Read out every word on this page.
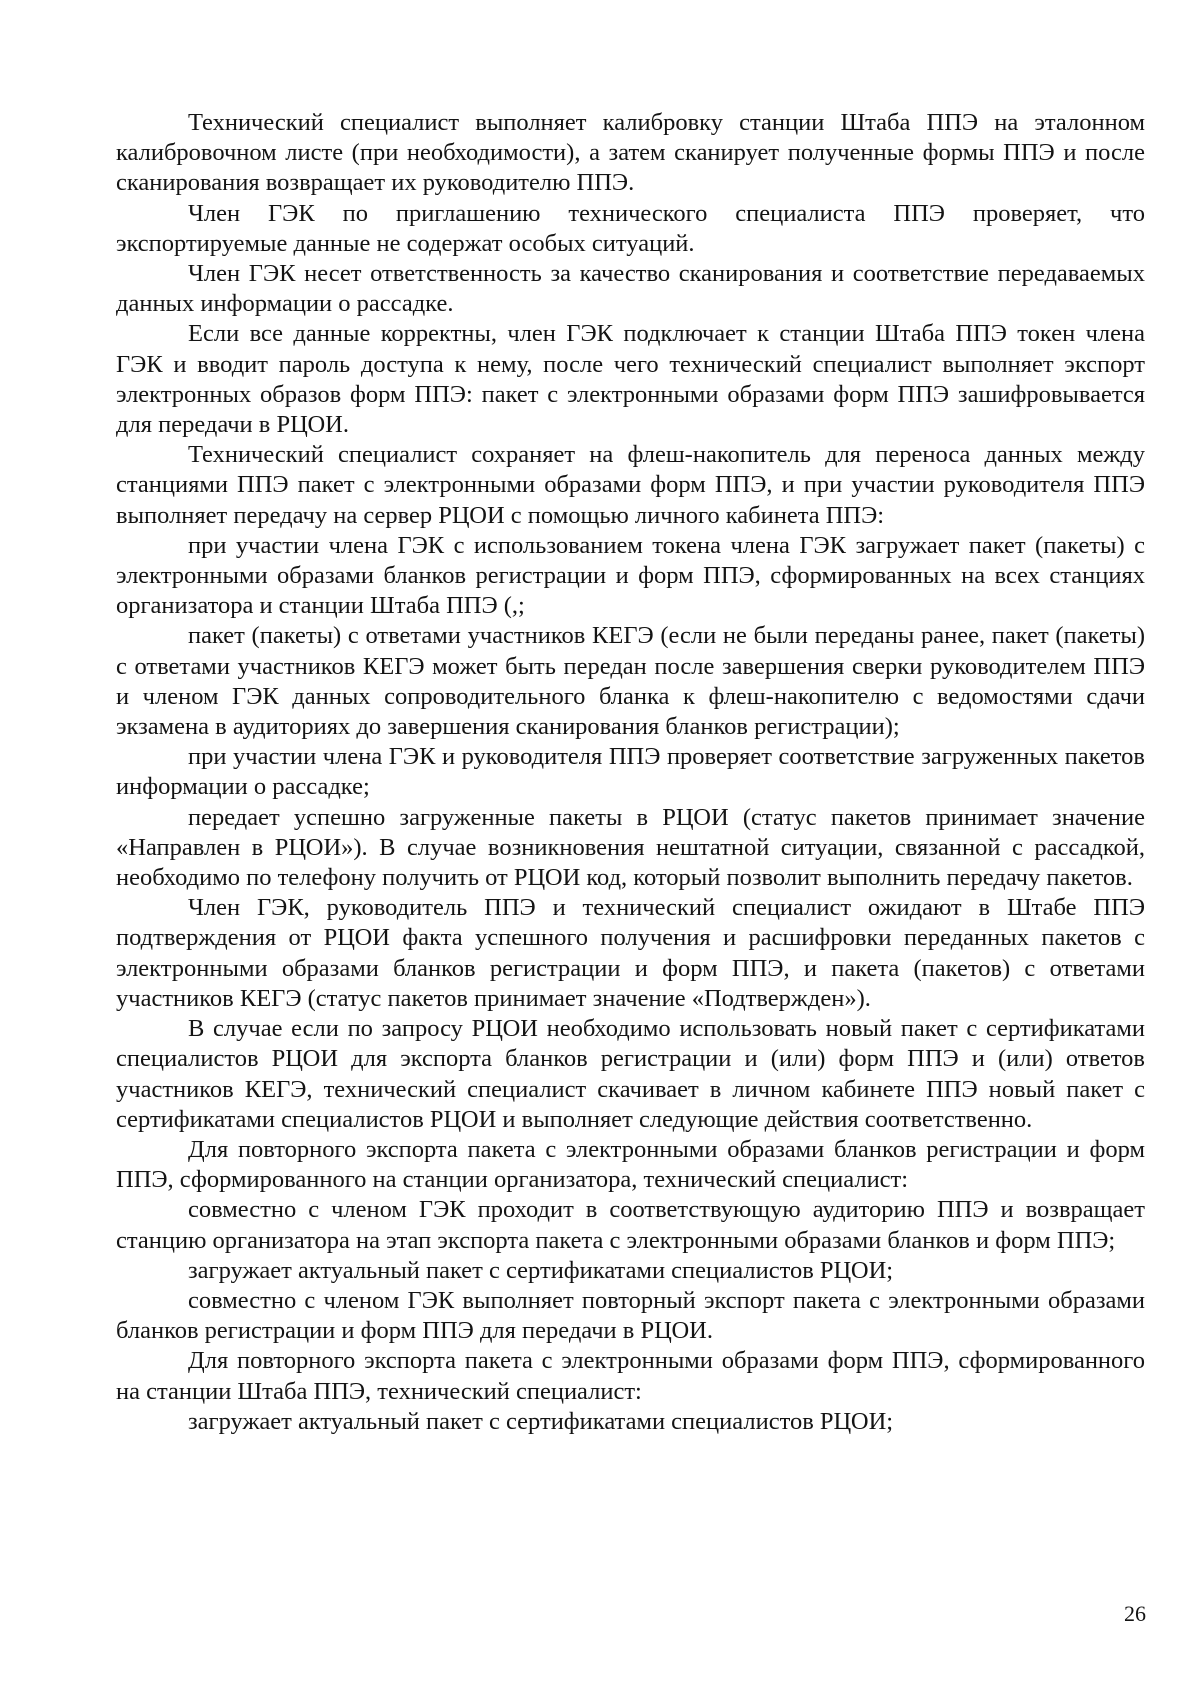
Технический специалист выполняет калибровку станции Штаба ППЭ на эталонном калибровочном листе (при необходимости), а затем сканирует полученные формы ППЭ и после сканирования возвращает их руководителю ППЭ.

Член ГЭК по приглашению технического специалиста ППЭ проверяет, что экспортируемые данные не содержат особых ситуаций.

Член ГЭК несет ответственность за качество сканирования и соответствие передаваемых данных информации о рассадке.

Если все данные корректны, член ГЭК подключает к станции Штаба ППЭ токен члена ГЭК и вводит пароль доступа к нему, после чего технический специалист выполняет экспорт электронных образов форм ППЭ: пакет с электронными образами форм ППЭ зашифровывается для передачи в РЦОИ.

Технический специалист сохраняет на флеш-накопитель для переноса данных между станциями ППЭ пакет с электронными образами форм ППЭ, и при участии руководителя ППЭ выполняет передачу на сервер РЦОИ с помощью личного кабинета ППЭ:

при участии члена ГЭК с использованием токена члена ГЭК загружает пакет (пакеты) с электронными образами бланков регистрации и форм ППЭ, сформированных на всех станциях организатора и станции Штаба ППЭ (,;

пакет (пакеты) с ответами участников КЕГЭ (если не были переданы ранее, пакет (пакеты) с ответами участников КЕГЭ может быть передан после завершения сверки руководителем ППЭ и членом ГЭК данных сопроводительного бланка к флеш-накопителю с ведомостями сдачи экзамена в аудиториях до завершения сканирования бланков регистрации);

при участии члена ГЭК и руководителя ППЭ проверяет соответствие загруженных пакетов информации о рассадке;

передает успешно загруженные пакеты в РЦОИ (статус пакетов принимает значение «Направлен в РЦОИ»). В случае возникновения нештатной ситуации, связанной с рассадкой, необходимо по телефону получить от РЦОИ код, который позволит выполнить передачу пакетов.

Член ГЭК, руководитель ППЭ и технический специалист ожидают в Штабе ППЭ подтверждения от РЦОИ факта успешного получения и расшифровки переданных пакетов с электронными образами бланков регистрации и форм ППЭ, и пакета (пакетов) с ответами участников КЕГЭ (статус пакетов принимает значение «Подтвержден»).

В случае если по запросу РЦОИ необходимо использовать новый пакет с сертификатами специалистов РЦОИ для экспорта бланков регистрации и (или) форм ППЭ и (или) ответов участников КЕГЭ, технический специалист скачивает в личном кабинете ППЭ новый пакет с сертификатами специалистов РЦОИ и выполняет следующие действия соответственно.

Для повторного экспорта пакета с электронными образами бланков регистрации и форм ППЭ, сформированного на станции организатора, технический специалист:

совместно с членом ГЭК проходит в соответствующую аудиторию ППЭ и возвращает станцию организатора на этап экспорта пакета с электронными образами бланков и форм ППЭ;

загружает актуальный пакет с сертификатами специалистов РЦОИ;

совместно с членом ГЭК выполняет повторный экспорт пакета с электронными образами бланков регистрации и форм ППЭ для передачи в РЦОИ.

Для повторного экспорта пакета с электронными образами форм ППЭ, сформированного на станции Штаба ППЭ, технический специалист:

загружает актуальный пакет с сертификатами специалистов РЦОИ;

26
